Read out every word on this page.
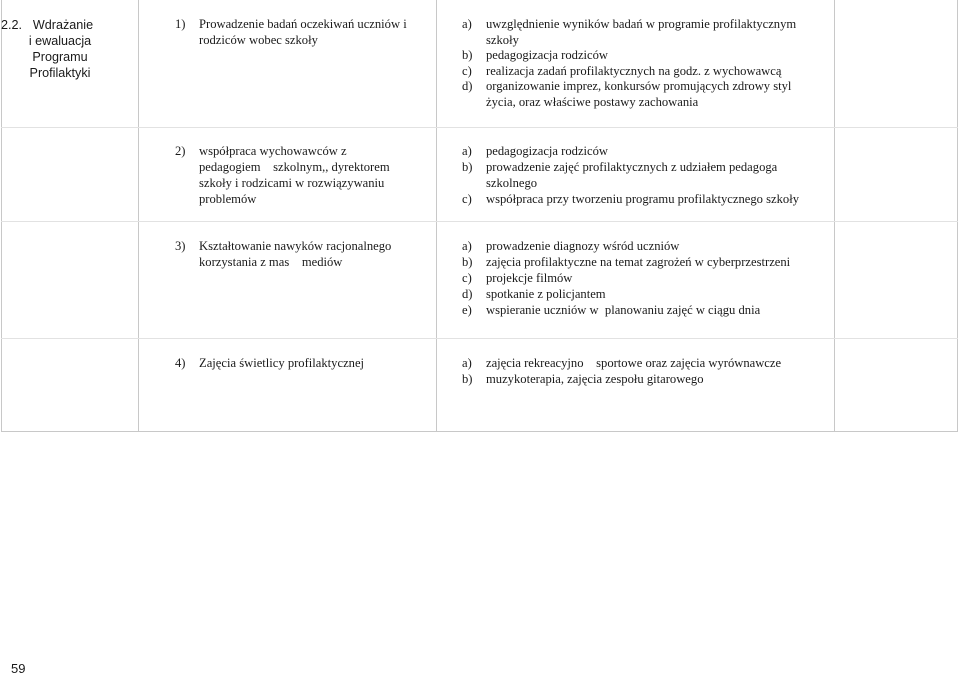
2.2. Wdrażanie
i ewaluacja
Programu
Profilaktyki
1)	Prowadzenie badań oczekiwań uczniów i
rodziców wobec szkoły
a)	uwzględnienie wyników badań w programie profilaktycznym
szkoły
b)	pedagogizacja rodziców
c)	realizacja zadań profilaktycznych na godz. z wychowawcą
d)	organizowanie imprez, konkursów promujących zdrowy styl
życia, oraz właściwe postawy zachowania
2)	współpraca wychowawców z
pedagogiem    szkolnym,, dyrektorem
szkoły i rodzicami w rozwiązywaniu
problemów
a)	pedagogizacja rodziców
b)	prowadzenie zajęć profilaktycznych z udziałem pedagoga
szkolnego
c)	współpraca przy tworzeniu programu profilaktycznego szkoły
3)	Kształtowanie nawyków racjonalnego
korzystania z mas    mediów
a)	prowadzenie diagnozy wśród uczniów
b)	zajęcia profilaktyczne na temat zagrożeń w cyberprzestrzeni
c)	projekcje filmów
d)	spotkanie z policjantem
e)	wspieranie uczniów w  planowaniu zajęć w ciągu dnia
4)	Zajęcia świetlicy profilaktycznej	a)	zajęcia rekreacyjno    sportowe oraz zajęcia wyrównawcze
b)	muzykoterapia, zajęcia zespołu gitarowego
59
